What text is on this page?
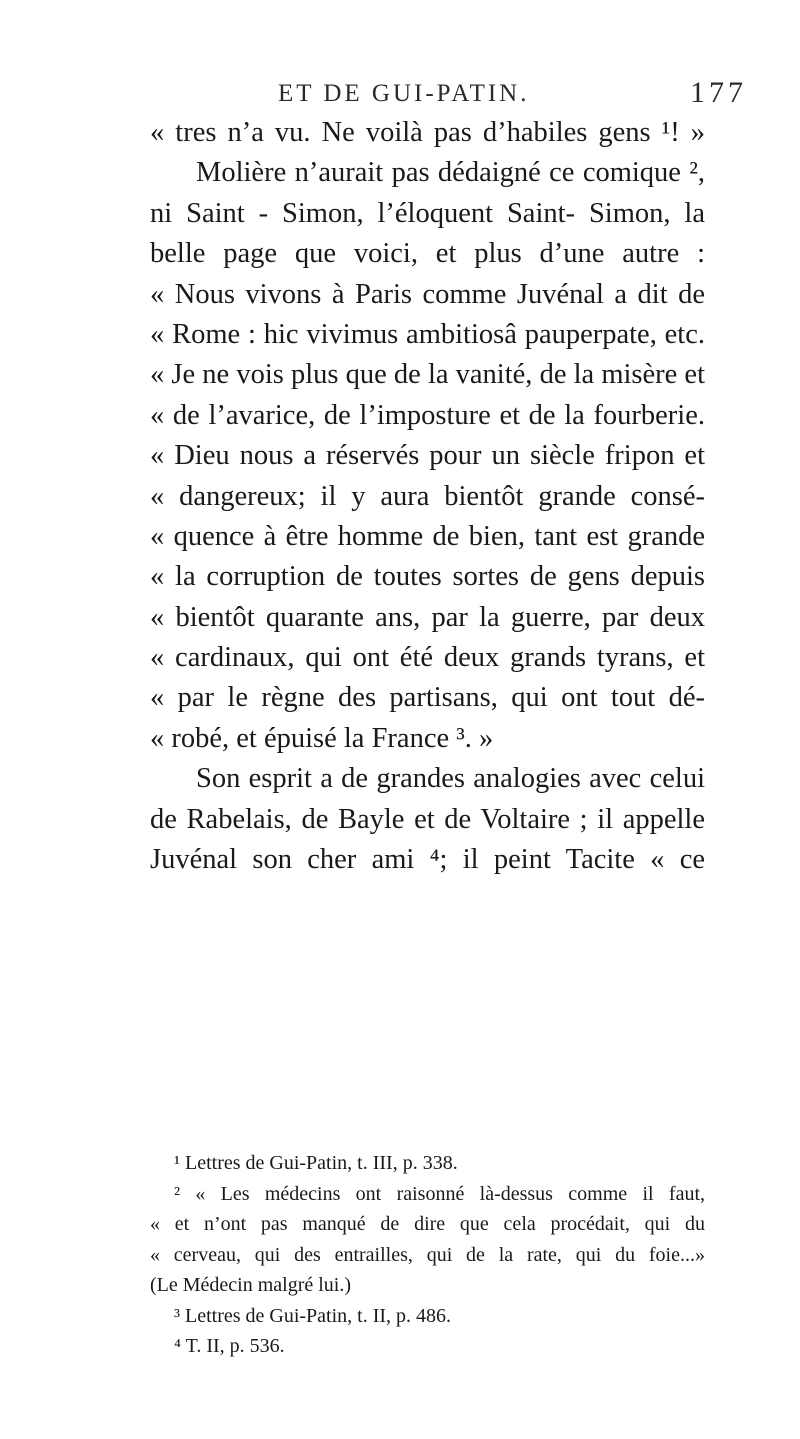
ET DE GUI-PATIN.	177
« tres n’a vu. Ne voilà pas d’habiles gens ¹! »
Molière n’aurait pas dédaigné ce comique ²,
ni Saint - Simon, l’éloquent Saint- Simon, la
belle page que voici, et plus d’une autre :
« Nous vivons à Paris comme Juvénal a dit de
« Rome : hic vivimus ambitiosâ pauperpate, etc.
« Je ne vois plus que de la vanité, de la misère et
« de l’avarice, de l’imposture et de la fourberie.
« Dieu nous a réservés pour un siècle fripon et
« dangereux; il y aura bientôt grande consé-
« quence à être homme de bien, tant est grande
« la corruption de toutes sortes de gens depuis
« bientôt quarante ans, par la guerre, par deux
« cardinaux, qui ont été deux grands tyrans, et
« par le règne des partisans, qui ont tout dé-
« robé, et épuisé la France ³. »
Son esprit a de grandes analogies avec celui
de Rabelais, de Bayle et de Voltaire ; il appelle
Juvénal son cher ami ⁴; il peint Tacite « ce
¹ Lettres de Gui-Patin, t. III, p. 338.
² « Les médecins ont raisonné là-dessus comme il faut,
« et n’ont pas manqué de dire que cela procédait, qui du
« cerveau, qui des entrailles, qui de la rate, qui du foie...»
(Le Médecin malgré lui.)
³ Lettres de Gui-Patin, t. II, p. 486.
⁴ T. II, p. 536.
